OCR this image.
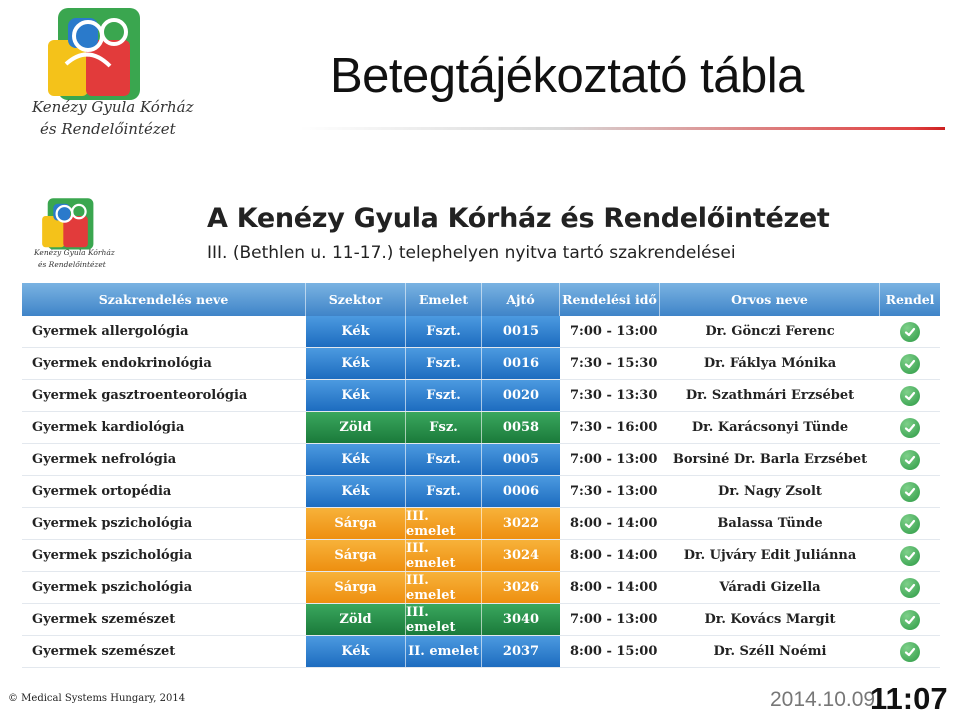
Kenézy Gyula Kórház
és Rendelőintézet
Betegtájékoztató tábla
Kenézy Gyula Kórház
és Rendelőintézet
A Kenézy Gyula Kórház és Rendelőintézet
III. (Bethlen u. 11-17.) telephelyen nyitva tartó szakrendelései
Szakrendelés neve	Szektor	Emelet	Ajtó	Rendelési idő	Orvos neve	Rendel
Gyermek allergológia	Kék	Fszt.	0015	7:00 - 13:00	Dr. Gönczi Ferenc
Gyermek endokrinológia	Kék	Fszt.	0016	7:30 - 15:30	Dr. Fáklya Mónika
Gyermek gasztroenteorológia	Kék	Fszt.	0020	7:30 - 13:30	Dr. Szathmári Erzsébet
Gyermek kardiológia	Zöld	Fsz.	0058	7:30 - 16:00	Dr. Karácsonyi Tünde
Gyermek nefrológia	Kék	Fszt.	0005	7:00 - 13:00	Borsiné Dr. Barla Erzsébet
Gyermek ortopédia	Kék	Fszt.	0006	7:30 - 13:00	Dr. Nagy Zsolt
Gyermek pszichológia	Sárga	III. emelet	3022	8:00 - 14:00	Balassa Tünde
Gyermek pszichológia	Sárga	III. emelet	3024	8:00 - 14:00	Dr. Ujváry Edit Juliánna
Gyermek pszichológia	Sárga	III. emelet	3026	8:00 - 14:00	Váradi Gizella
Gyermek szemészet	Zöld	III. emelet	3040	7:00 - 13:00	Dr. Kovács Margit
Gyermek szemészet	Kék	II. emelet	2037	8:00 - 15:00	Dr. Széll Noémi
© Medical Systems Hungary, 2014	2014.10.09.
11:07
